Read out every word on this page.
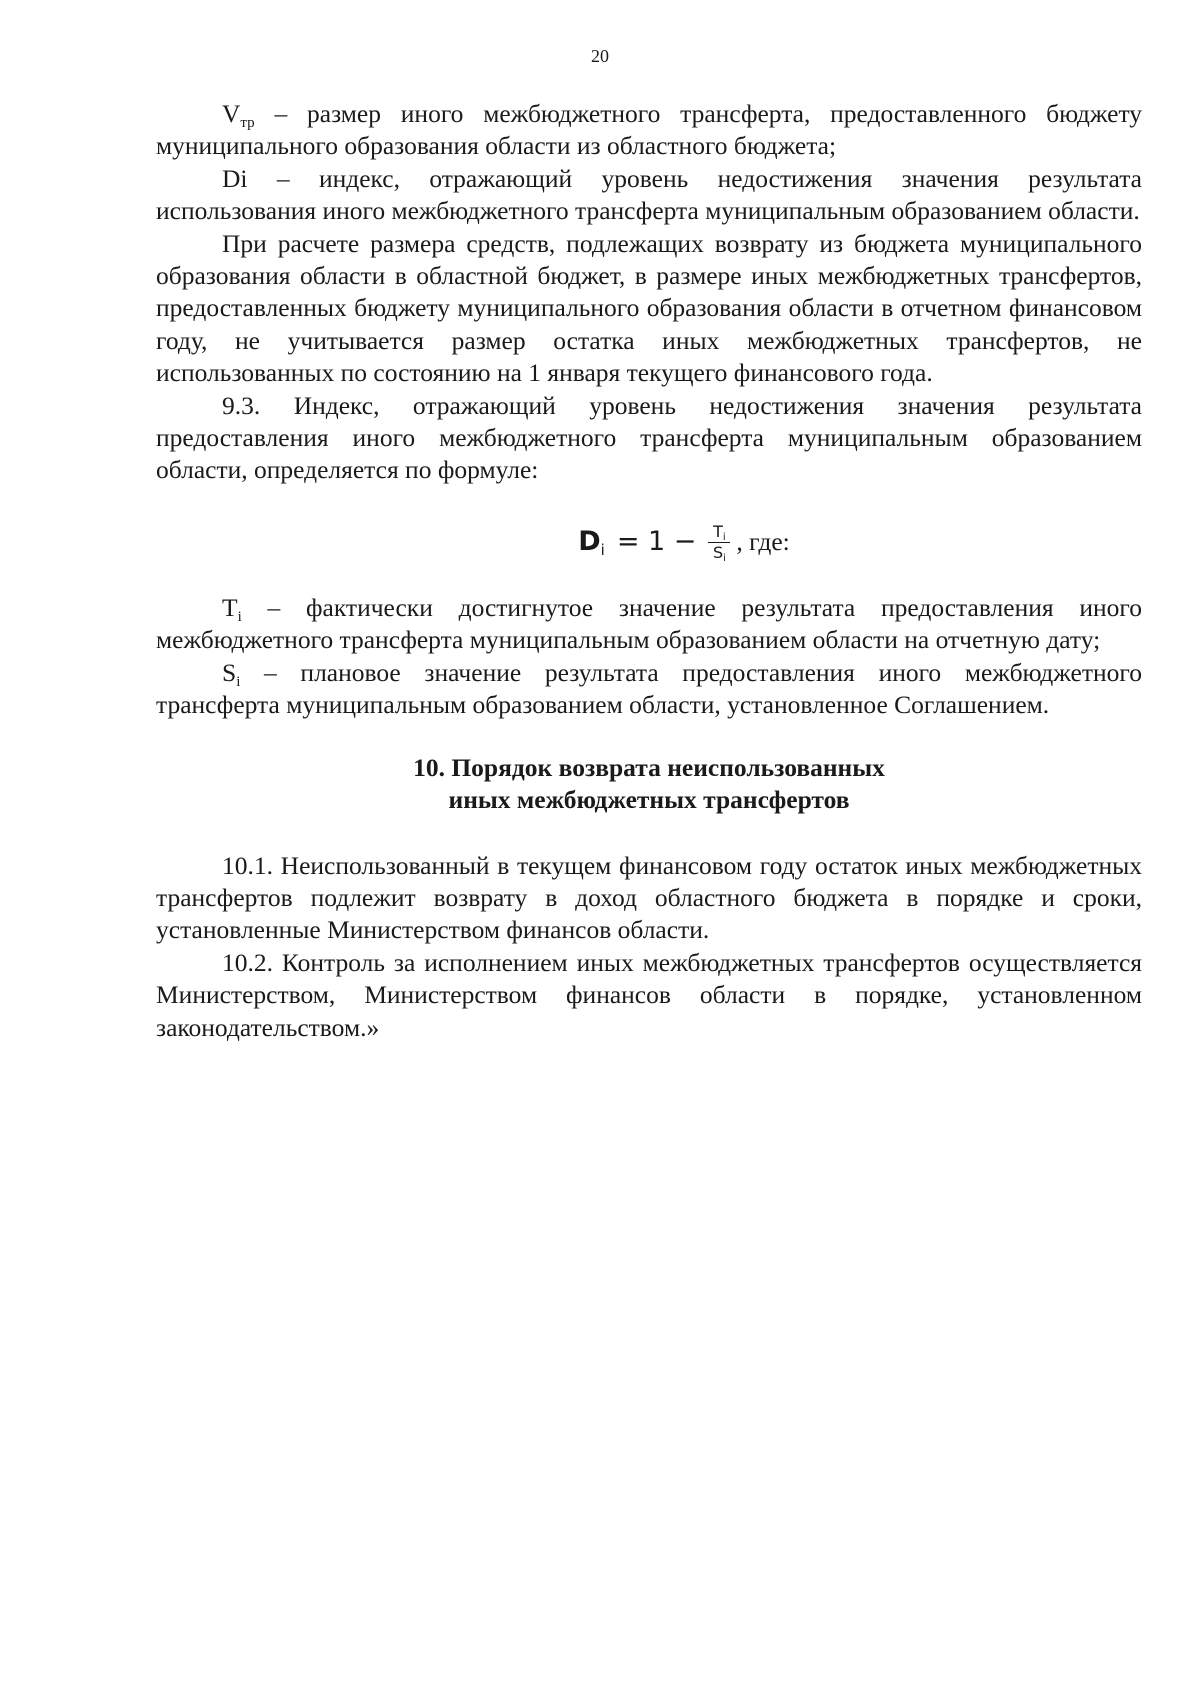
20

$V_{тр}$ – размер иного межбюджетного трансферта, предоставленного бюджету муниципального образования области из областного бюджета;

Di – индекс, отражающий уровень недостижения значения результата использования иного межбюджетного трансферта муниципальным образованием области.

При расчете размера средств, подлежащих возврату из бюджета муниципального образования области в областной бюджет, в размере иных межбюджетных трансфертов, предоставленных бюджету муниципального образования области в отчетном финансовом году, не учитывается размер остатка иных межбюджетных трансфертов, не использованных по состоянию на 1 января текущего финансового года.

9.3. Индекс, отражающий уровень недостижения значения результата предоставления иного межбюджетного трансферта муниципальным образованием области, определяется по формуле:

$D_i = 1 - \frac{T_i}{S_i}$ , где:

$T_i$ – фактически достигнутое значение результата предоставления иного межбюджетного трансферта муниципальным образованием области на отчетную дату;

$S_i$ – плановое значение результата предоставления иного межбюджетного трансферта муниципальным образованием области, установленное Соглашением.

10. Порядок возврата неиспользованных
иных межбюджетных трансфертов

10.1. Неиспользованный в текущем финансовом году остаток иных межбюджетных трансфертов подлежит возврату в доход областного бюджета в порядке и сроки, установленные Министерством финансов области.

10.2. Контроль за исполнением иных межбюджетных трансфертов осуществляется Министерством, Министерством финансов области в порядке, установленном законодательством.»
